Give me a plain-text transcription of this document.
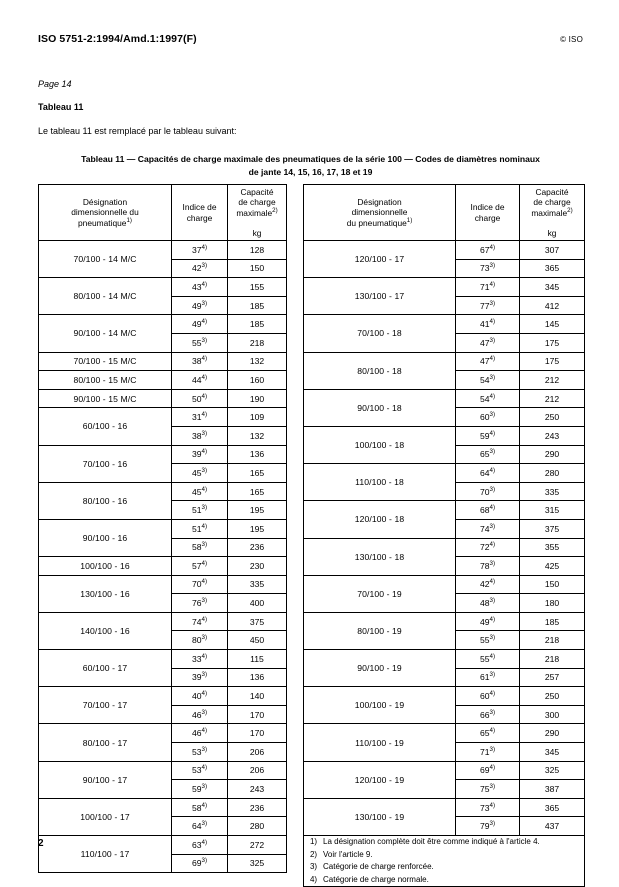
ISO 5751-2:1994/Amd.1:1997(F)	© ISO
Page 14
Tableau 11
Le tableau 11 est remplacé par le tableau suivant:
Tableau 11 — Capacités de charge maximale des pneumatiques de la série 100 — Codes de diamètres nominaux
de jante 14, 15, 16, 17, 18 et 19
Désignation
dimensionnelle du
pneumatique$^{1)}$	Indice de
charge	Capacité
de charge
maximale$^{2)}$
kg

70/100 - 14 M/C	37$^{4)}$	128
	42$^{3)}$	150
80/100 - 14 M/C	43$^{4)}$	155
	49$^{3)}$	185
90/100 - 14 M/C	49$^{4)}$	185
	55$^{3)}$	218
70/100 - 15 M/C	38$^{4)}$	132
80/100 - 15 M/C	44$^{4)}$	160
90/100 - 15 M/C	50$^{4)}$	190
60/100 - 16	31$^{4)}$	109
	38$^{3)}$	132
70/100 - 16	39$^{4)}$	136
	45$^{3)}$	165
80/100 - 16	45$^{4)}$	165
	51$^{3)}$	195
90/100 - 16	51$^{4)}$	195
	58$^{3)}$	236
100/100 - 16	57$^{4)}$	230
130/100 - 16	70$^{4)}$	335
	76$^{3)}$	400
140/100 - 16	74$^{4)}$	375
	80$^{3)}$	450
60/100 - 17	33$^{4)}$	115
	39$^{3)}$	136
70/100 - 17	40$^{4)}$	140
	46$^{3)}$	170
80/100 - 17	46$^{4)}$	170
	53$^{3)}$	206
90/100 - 17	53$^{4)}$	206
	59$^{3)}$	243
100/100 - 17	58$^{4)}$	236
	64$^{3)}$	280
110/100 - 17	63$^{4)}$	272
	69$^{3)}$	325
Désignation
dimensionnelle
du pneumatique$^{1)}$	Indice de
charge	Capacité
de charge
maximale$^{2)}$
kg

120/100 - 17	67$^{4)}$	307
	73$^{3)}$	365
130/100 - 17	71$^{4)}$	345
	77$^{3)}$	412
70/100 - 18	41$^{4)}$	145
	47$^{3)}$	175
80/100 - 18	47$^{4)}$	175
	54$^{3)}$	212
90/100 - 18	54$^{4)}$	212
	60$^{3)}$	250
100/100 - 18	59$^{4)}$	243
	65$^{3)}$	290
110/100 - 18	64$^{4)}$	280
	70$^{3)}$	335
120/100 - 18	68$^{4)}$	315
	74$^{3)}$	375
130/100 - 18	72$^{4)}$	355
	78$^{3)}$	425
70/100 - 19	42$^{4)}$	150
	48$^{3)}$	180
80/100 - 19	49$^{4)}$	185
	55$^{3)}$	218
90/100 - 19	55$^{4)}$	218
	61$^{3)}$	257
100/100 - 19	60$^{4)}$	250
	66$^{3)}$	300
110/100 - 19	65$^{4)}$	290
	71$^{3)}$	345
120/100 - 19	69$^{4)}$	325
	75$^{3)}$	387
130/100 - 19	73$^{4)}$	365
	79$^{3)}$	437

1) La désignation complète doit être comme indiqué à l'article 4.
2) Voir l'article 9.
3) Catégorie de charge renforcée.
4) Catégorie de charge normale.
2
